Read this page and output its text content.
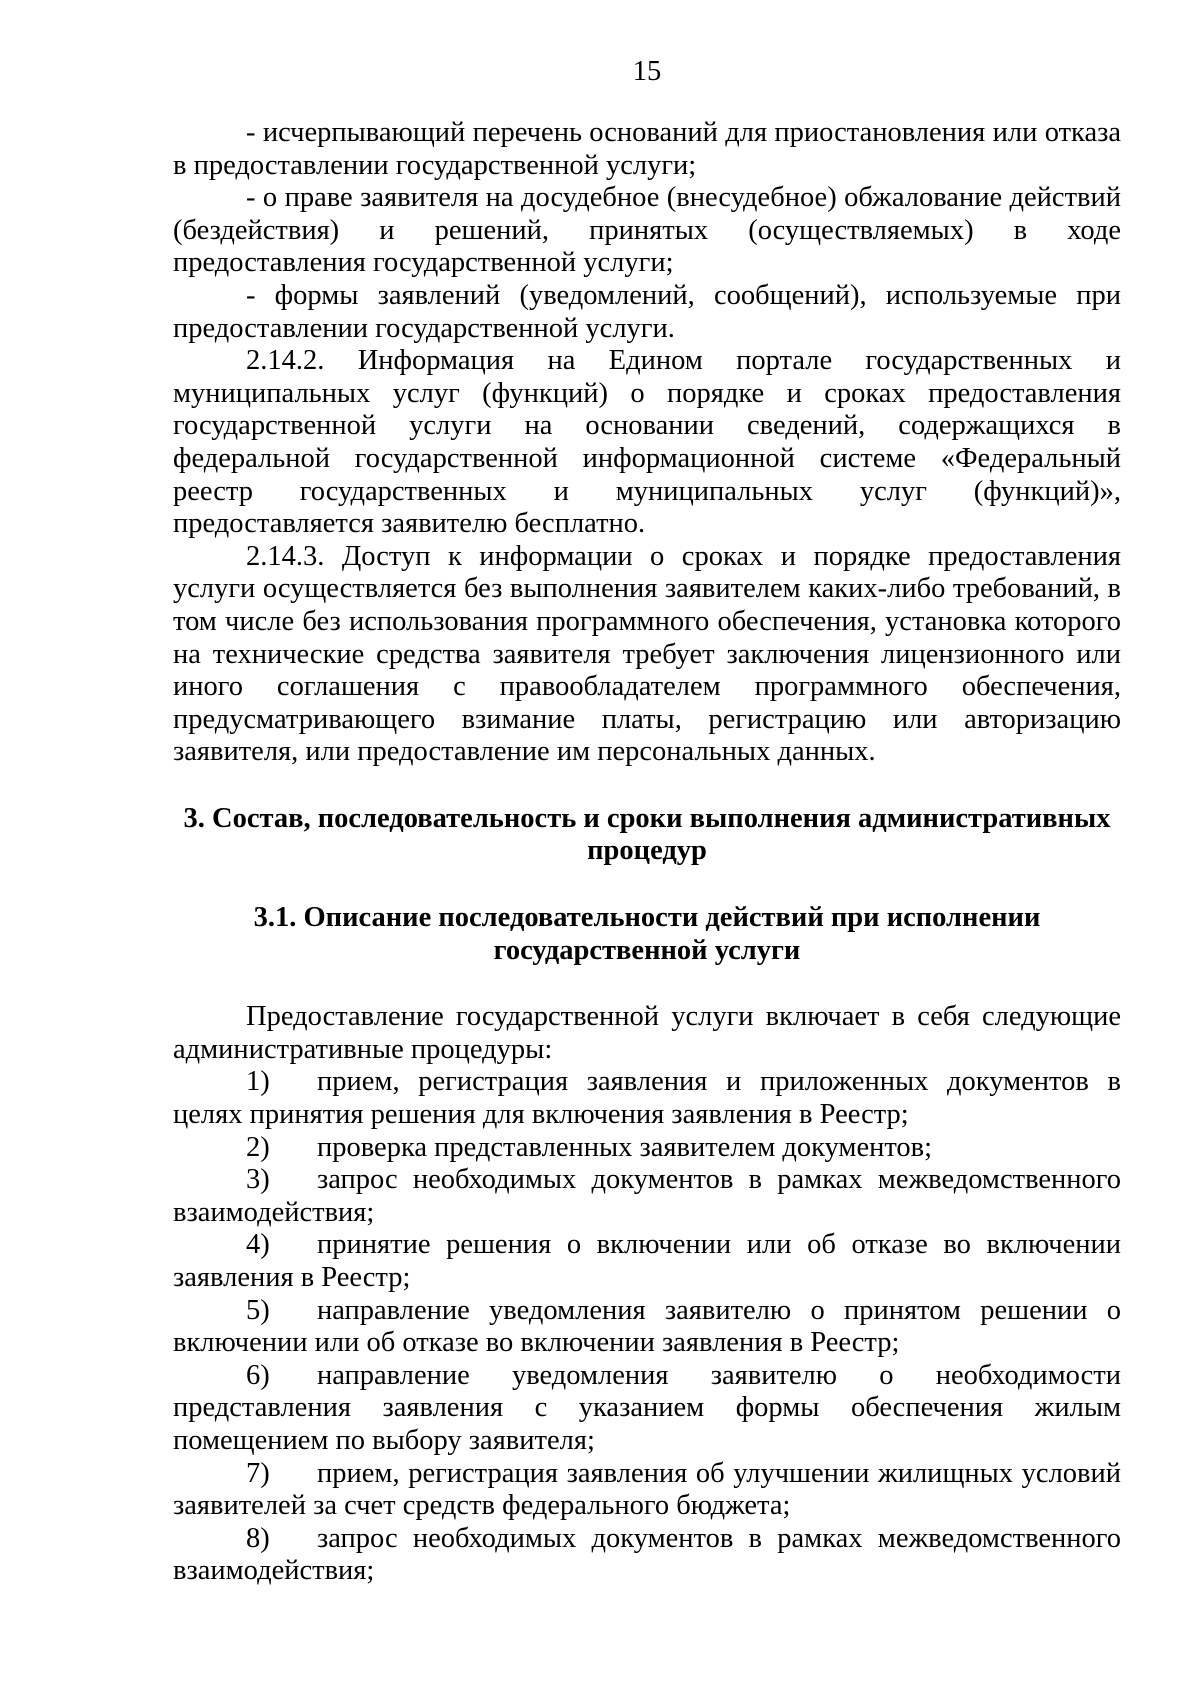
15

- исчерпывающий перечень оснований для приостановления или отказа в предоставлении государственной услуги;

- о праве заявителя на досудебное (внесудебное) обжалование действий (бездействия) и решений, принятых (осуществляемых) в ходе предоставления государственной услуги;

- формы заявлений (уведомлений, сообщений), используемые при предоставлении государственной услуги.

2.14.2. Информация на Едином портале государственных и муниципальных услуг (функций) о порядке и сроках предоставления государственной услуги на основании сведений, содержащихся в федеральной государственной информационной системе «Федеральный реестр государственных и муниципальных услуг (функций)», предоставляется заявителю бесплатно.

2.14.3. Доступ к информации о сроках и порядке предоставления услуги осуществляется без выполнения заявителем каких-либо требований, в том числе без использования программного обеспечения, установка которого на технические средства заявителя требует заключения лицензионного или иного соглашения с правообладателем программного обеспечения, предусматривающего взимание платы, регистрацию или авторизацию заявителя, или предоставление им персональных данных.

3. Состав, последовательность и сроки выполнения административных
процедур
3.1. Описание последовательности действий при исполнении
государственной услуги

Предоставление государственной услуги включает в себя следующие административные процедуры:

1) прием, регистрация заявления и приложенных документов в целях принятия решения для включения заявления в Реестр;

2) проверка представленных заявителем документов;

3) запрос необходимых документов в рамках межведомственного взаимодействия;

4) принятие решения о включении или об отказе во включении заявления в Реестр;

5) направление уведомления заявителю о принятом решении о включении или об отказе во включении заявления в Реестр;

6) направление уведомления заявителю о необходимости представления заявления с указанием формы обеспечения жилым помещением по выбору заявителя;

7) прием, регистрация заявления об улучшении жилищных условий заявителей за счет средств федерального бюджета;

8) запрос необходимых документов в рамках межведомственного взаимодействия;
